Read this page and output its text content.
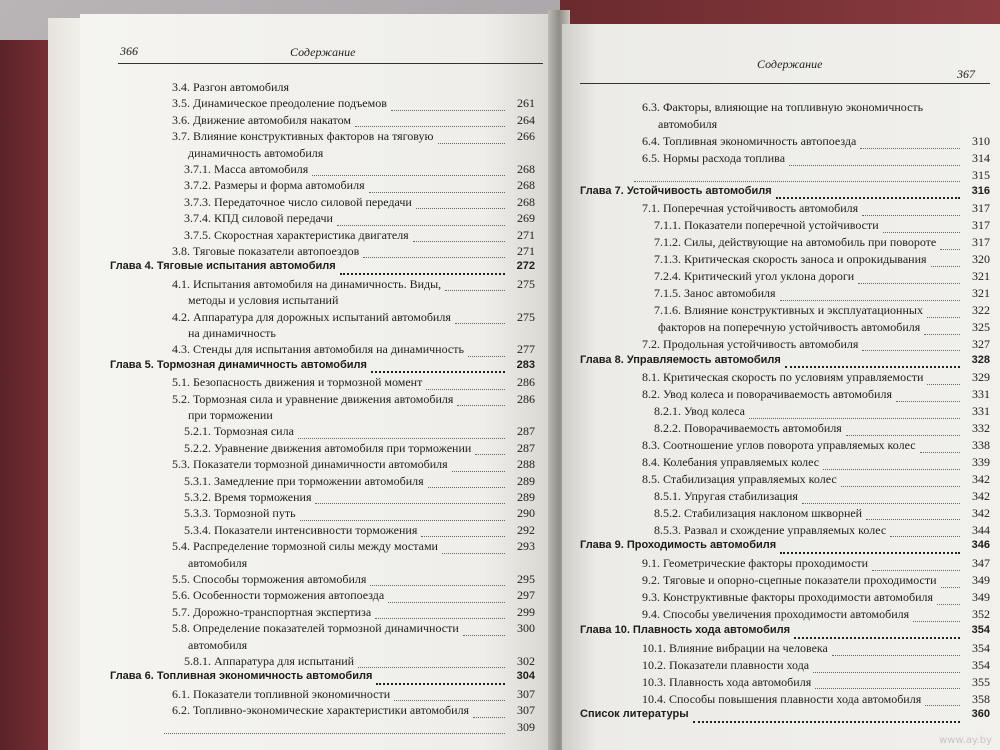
366	Содержание
3.4. Разгон автомобиля
3.5. Динамическое преодоление подъемов	261
3.6. Движение автомобиля накатом	264
3.7. Влияние конструктивных факторов на тяговую	266
динамичность автомобиля
3.7.1. Масса автомобиля	268
3.7.2. Размеры и форма автомобиля	268
3.7.3. Передаточное число силовой передачи	268
3.7.4. КПД силовой передачи	269
3.7.5. Скоростная характеристика двигателя	271
3.8. Тяговые показатели автопоездов	271
Глава 4. Тяговые испытания автомобиля	272
4.1. Испытания автомобиля на динамичность. Виды,	275
методы и условия испытаний
4.2. Аппаратура для дорожных испытаний автомобиля	275
на динамичность
4.3. Стенды для испытания автомобиля на динамичность	277
Глава 5. Тормозная динамичность автомобиля	283
5.1. Безопасность движения и тормозной момент	286
5.2. Тормозная сила и уравнение движения автомобиля	286
при торможении
5.2.1. Тормозная сила	287
5.2.2. Уравнение движения автомобиля при торможении	287
5.3. Показатели тормозной динамичности автомобиля	288
5.3.1. Замедление при торможении автомобиля	289
5.3.2. Время торможения	289
5.3.3. Тормозной путь	290
5.3.4. Показатели интенсивности торможения	292
5.4. Распределение тормозной силы между мостами	293
автомобиля
5.5. Способы торможения автомобиля	295
5.6. Особенности торможения автопоезда	297
5.7. Дорожно-транспортная экспертиза	299
5.8. Определение показателей тормозной динамичности	300
автомобиля
5.8.1. Аппаратура для испытаний	302
Глава 6. Топливная экономичность автомобиля	304
6.1. Показатели топливной экономичности	307
6.2. Топливно-экономические характеристики автомобиля	307
309
Содержание
367
6.3. Факторы, влияющие на топливную экономичность
автомобиля
6.4. Топливная экономичность автопоезда	310
6.5. Нормы расхода топлива	314
315
Глава 7. Устойчивость автомобиля	316
7.1. Поперечная устойчивость автомобиля	317
7.1.1. Показатели поперечной устойчивости	317
7.1.2. Силы, действующие на автомобиль при повороте	317
7.1.3. Критическая скорость заноса и опрокидывания	320
7.2.4. Критический угол уклона дороги	321
7.1.5. Занос автомобиля	321
7.1.6. Влияние конструктивных и эксплуатационных	322
факторов на поперечную устойчивость автомобиля	325
7.2. Продольная устойчивость автомобиля	327
Глава 8. Управляемость автомобиля	328
8.1. Критическая скорость по условиям управляемости	329
8.2. Увод колеса и поворачиваемость автомобиля	331
8.2.1. Увод колеса	331
8.2.2. Поворачиваемость автомобиля	332
8.3. Соотношение углов поворота управляемых колес	338
8.4. Колебания управляемых колес	339
8.5. Стабилизация управляемых колес	342
8.5.1. Упругая стабилизация	342
8.5.2. Стабилизация наклоном шкворней	342
8.5.3. Развал и схождение управляемых колес	344
Глава 9. Проходимость автомобиля	346
9.1. Геометрические факторы проходимости	347
9.2. Тяговые и опорно-сцепные показатели проходимости	349
9.3. Конструктивные факторы проходимости автомобиля	349
9.4. Способы увеличения проходимости автомобиля	352
Глава 10. Плавность хода автомобиля	354
10.1. Влияние вибрации на человека	354
10.2. Показатели плавности хода	354
10.3. Плавность хода автомобиля	355
10.4. Способы повышения плавности хода автомобиля	358
Список литературы	360
www.ay.by
